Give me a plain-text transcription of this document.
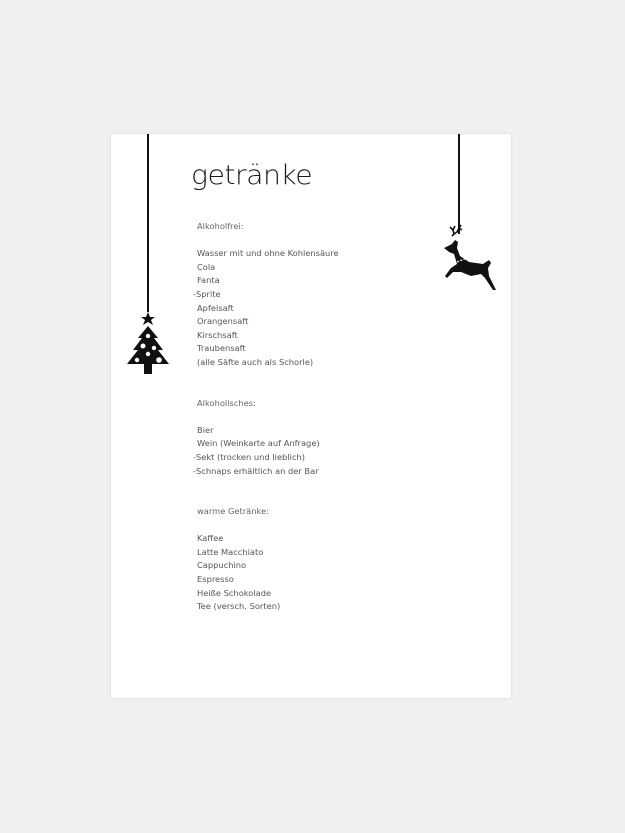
getränke
Alkoholfrei:
Wasser mit und ohne Kohlensäure
Cola
Fanta
-Sprite
Apfelsaft
Orangensaft
Kirschsaft
Traubensaft
(alle Säfte auch als Schorle)
Alkoholisches:
Bier
Wein (Weinkarte auf Anfrage)
-Sekt (trocken und lieblich)
-Schnaps erhältlich an der Bar
warme Getränke:
Kaffee
Latte Macchiato
Cappuchino
Espresso
Heiße Schokolade
Tee (versch. Sorten)
